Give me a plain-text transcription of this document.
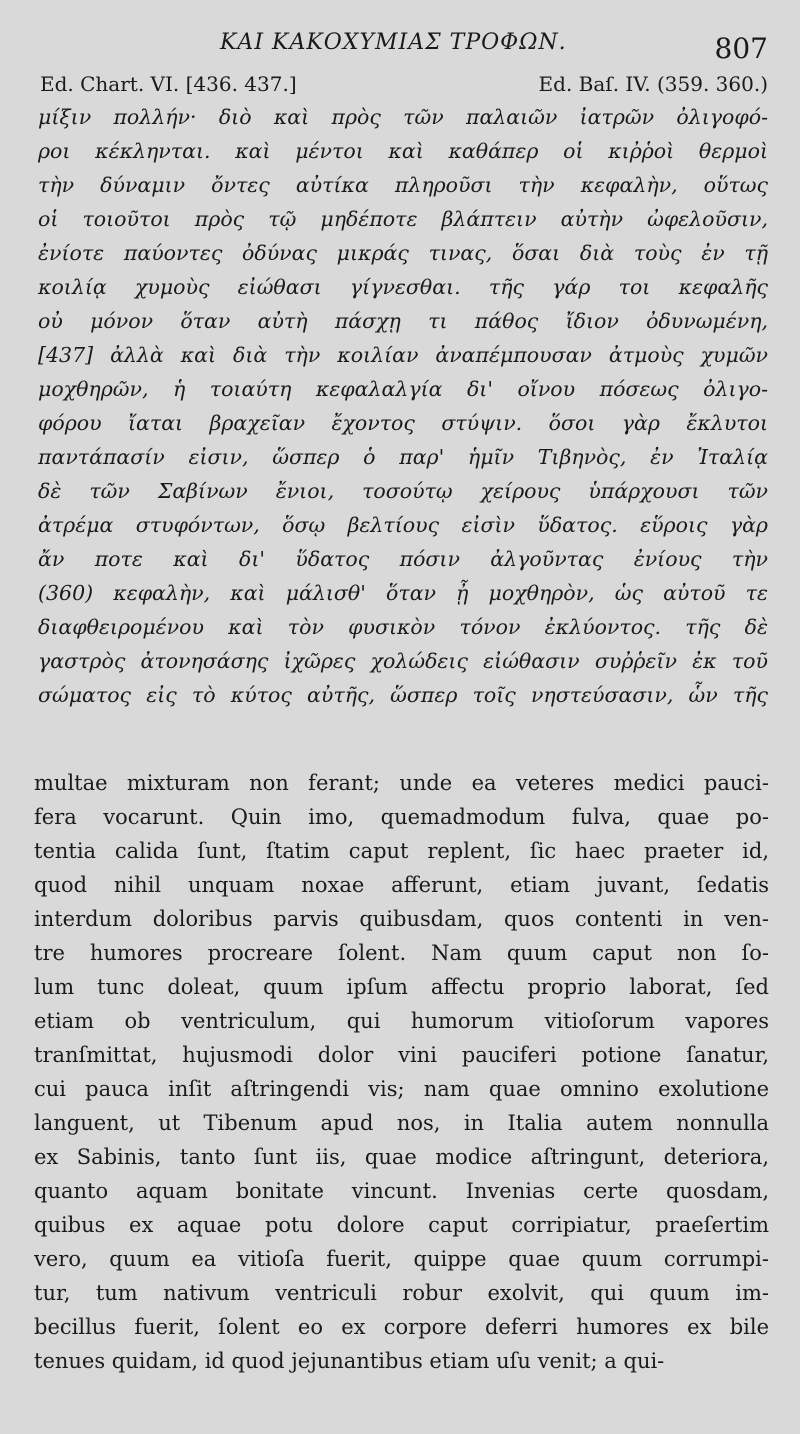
ΚΑΙ ΚΑΚΟΧΥΜΙΑΣ ΤΡΟΦΩΝ.	807
Ed. Chart. VI. [436. 437.]	Ed. Baſ. IV. (359. 360.)
μίξιν πολλήν· διὸ καὶ πρὸς τῶν παλαιῶν ἰατρῶν ὀλιγοφό-
ροι κέκληνται. καὶ μέντοι καὶ καθάπερ οἱ κιῤῥοὶ θερμοὶ
τὴν δύναμιν ὄντες αὐτίκα πληροῦσι τὴν κεφαλὴν, οὕτως
οἱ τοιοῦτοι πρὸς τῷ μηδέποτε βλάπτειν αὐτὴν ὠφελοῦσιν,
ἐνίοτε παύοντες ὀδύνας μικράς τινας, ὅσαι διὰ τοὺς ἐν τῇ
κοιλίᾳ χυμοὺς εἰώθασι γίγνεσθαι. τῆς γάρ τοι κεφαλῆς
οὐ μόνον ὅταν αὐτὴ πάσχῃ τι πάθος ἴδιον ὀδυνωμένη,
[437] ἀλλὰ καὶ διὰ τὴν κοιλίαν ἀναπέμπουσαν ἀτμοὺς χυμῶν
μοχθηρῶν, ἡ τοιαύτη κεφαλαλγία δι' οἴνου πόσεως ὀλιγο-
φόρου ἴαται βραχεῖαν ἔχοντος στύψιν. ὅσοι γὰρ ἔκλυτοι
παντάπασίν εἰσιν, ὥσπερ ὁ παρ' ἡμῖν Τιβηνὸς, ἐν Ἰταλίᾳ
δὲ τῶν Σαβίνων ἔνιοι, τοσούτῳ χείρους ὑπάρχουσι τῶν
ἀτρέμα στυφόντων, ὅσῳ βελτίους εἰσὶν ὕδατος. εὕροις γὰρ
ἄν ποτε καὶ δι' ὕδατος πόσιν ἀλγοῦντας ἐνίους τὴν
(360) κεφαλὴν, καὶ μάλισθ' ὅταν ᾖ μοχθηρὸν, ὡς αὐτοῦ τε
διαφθειρομένου καὶ τὸν φυσικὸν τόνον ἐκλύοντος. τῆς δὲ
γαστρὸς ἀτονησάσης ἰχῶρες χολώδεις εἰώθασιν συῤῥεῖν ἐκ τοῦ
σώματος εἰς τὸ κύτος αὐτῆς, ὥσπερ τοῖς νηστεύσασιν, ὧν τῆς
multae mixturam non ferant; unde ea veteres medici pauci-
fera vocarunt. Quin imo, quemadmodum fulva, quae po-
tentia calida ſunt, ſtatim caput replent, ſic haec praeter id,
quod nihil unquam noxae afferunt, etiam juvant, ſedatis
interdum doloribus parvis quibusdam, quos contenti in ven-
tre humores procreare ſolent. Nam quum caput non ſo-
lum tunc doleat, quum ipſum affectu proprio laborat, ſed
etiam ob ventriculum, qui humorum vitioſorum vapores
tranſmittat, hujusmodi dolor vini pauciferi potione ſanatur,
cui pauca inſit aſtringendi vis; nam quae omnino exolutione
languent, ut Tibenum apud nos, in Italia autem nonnulla
ex Sabinis, tanto ſunt iis, quae modice aſtringunt, deteriora,
quanto aquam bonitate vincunt. Invenias certe quosdam,
quibus ex aquae potu dolore caput corripiatur, praeſertim
vero, quum ea vitioſa fuerit, quippe quae quum corrumpi-
tur, tum nativum ventriculi robur exolvit, qui quum im-
becillus fuerit, ſolent eo ex corpore deferri humores ex bile
tenues quidam, id quod jejunantibus etiam uſu venit; a qui-
